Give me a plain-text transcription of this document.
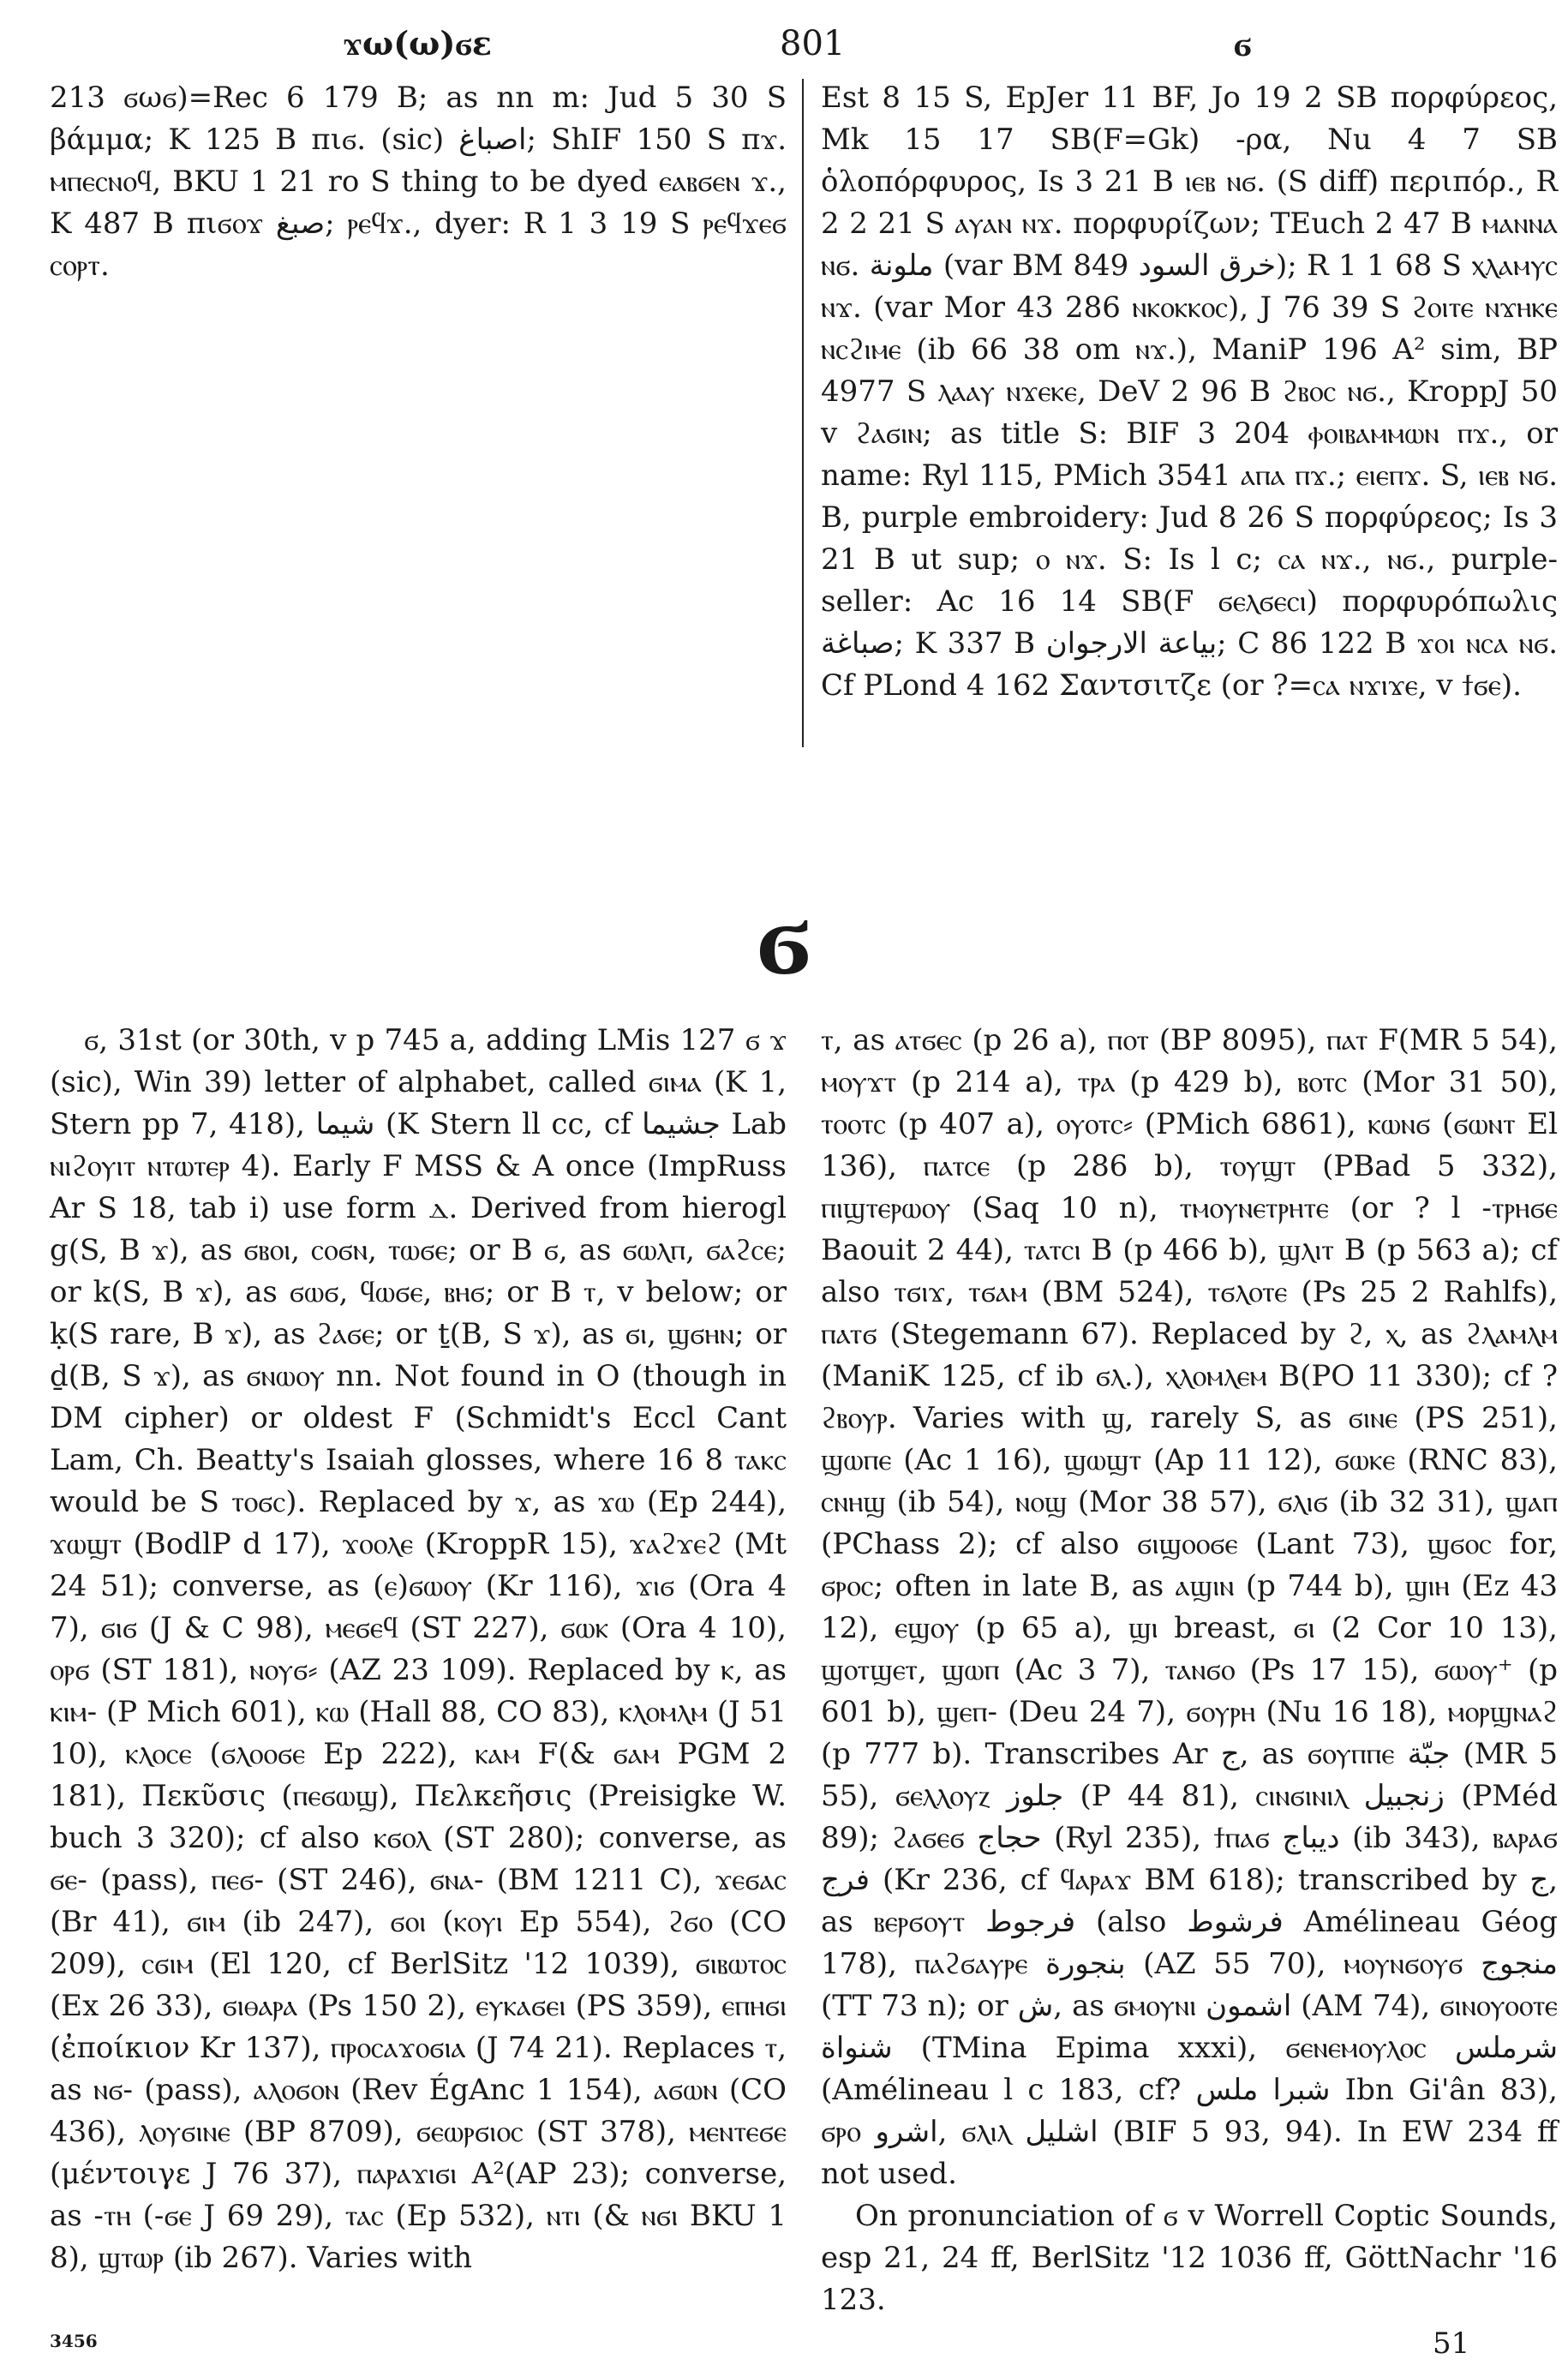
ϫω(ω)ϭε	801	ϭ

213 ϭωϭ)=Rec 6 179 B; as nn m: Jud 5 30 S βάμμα; K 125 B πιϭ. (sic) اصباغ; ShIF 150 S πϫ. ⲙⲡⲉⲥⲛⲟϥ, BKU 1 21 ro S thing to be dyed ⲉⲁⲃϭⲉⲛ ϫ., K 487 B πιϭⲟϫ صبغ; ⲣⲉϥϫ., dyer: R 1 3 19 S ⲣⲉϥϫⲉϭ ⲥⲟⲣⲧ.

Est 8 15 S, EpJer 11 BF, Jo 19 2 SB πορφύρεος, Mk 15 17 SB(F=Gk) -ρα, Nu 4 7 SB ὁλοπόρφυρος, Is 3 21 B ⲓⲉⲃ ⲛϭ. (S diff) περιπόρ., R 2 2 21 S ⲁⲩⲁⲛ ⲛϫ. πορφυρίζων; TEuch 2 47 B ⲙⲁⲛⲛⲁ ⲛϭ. ملونة (var BM 849 خرق السود); R 1 1 68 S ⲭⲗⲁⲙⲩⲥ ⲛϫ. (var Mor 43 286 ⲛⲕⲟⲕⲕⲟⲥ), J 76 39 S ϩⲟⲓⲧⲉ ⲛϫⲏⲕⲉ ⲛⲥϩⲓⲙⲉ (ib 66 38 om ⲛϫ.), ManiP 196 A² sim, BP 4977 S ⲗⲁⲁⲩ ⲛϫⲉⲕⲉ, DeV 2 96 B ϩⲃⲟⲥ ⲛϭ., KroppJ 50 v ϩⲁϭⲓⲛ; as title S: BIF 3 204 ⲫⲟⲓⲃⲁⲙⲙⲱⲛ ⲡϫ., or name: Ryl 115, PMich 3541 ⲁⲡⲁ ⲡϫ.; ⲉⲓⲉⲡϫ. S, ⲓⲉⲃ ⲛϭ. B, purple embroidery: Jud 8 26 S πορφύρεος; Is 3 21 B ut sup; ⲟ ⲛϫ. S: Is l c; ⲥⲁ ⲛϫ., ⲛϭ., purple-seller: Ac 16 14 SB(F ϭⲉⲗϭⲉⲥⲓ) πορφυρόπωλις صباغة; K 337 B بياعة الارجوان; C 86 122 B ϫⲟⲓ ⲛⲥⲁ ⲛϭ. Cf PLond 4 162 Σαντσιτζε (or ?=ⲥⲁ ⲛϫⲓϫⲉ, v ϯϭⲉ).

ϭ

ϭ, 31st (or 30th, v p 745 a, adding LMis 127 ϭ ϫ (sic), Win 39) letter of alphabet, called ϭⲓⲙⲁ (K 1, Stern pp 7, 418), شيما (K Stern ll cc, cf جشيما Lab ⲛⲓϩⲟⲩⲓⲧ ⲛⲧⲱⲧⲉⲣ 4). Early F MSS & A once (ImpRuss Ar S 18, tab i) use form ⲇ. Derived from hierogl g(S, B ϫ), as ϭⲃⲟⲓ, ⲥⲟϭⲛ, ⲧⲱϭⲉ; or B ϭ, as ϭⲱⲗⲡ, ϭⲁϩⲥⲉ; or k(S, B ϫ), as ϭⲱϭ, ϥⲱϭⲉ, ⲃⲏϭ; or B ⲧ, v below; or ḳ(S rare, B ϫ), as ϩⲁϭⲉ; or ṯ(B, S ϫ), as ϭⲓ, ϣϭⲏⲛ; or ḏ(B, S ϫ), as ϭⲛⲱⲟⲩ nn. Not found in O (though in DM cipher) or oldest F (Schmidt's Eccl Cant Lam, Ch. Beatty's Isaiah glosses, where 16 8 ⲧⲁⲕⲥ would be S ⲧⲟϭⲥ). Replaced by ϫ, as ϫⲱ (Ep 244), ϫⲱϣⲧ (BodlP d 17), ϫⲟⲟⲗⲉ (KroppR 15), ϫⲁϩϫⲉϩ (Mt 24 51); converse, as (ⲉ)ϭⲱⲟⲩ (Kr 116), ϫⲓϭ (Ora 4 7), ϭⲓϭ (J & C 98), ⲙⲉϭⲉϥ (ST 227), ϭⲱⲕ (Ora 4 10), ⲟⲣϭ (ST 181), ⲛⲟⲩϭ⸗ (AZ 23 109). Replaced by ⲕ, as ⲕⲓⲙ- (P Mich 601), ⲕⲱ (Hall 88, CO 83), ⲕⲗⲟⲙⲗⲙ (J 51 10), ⲕⲗⲟⲥⲉ (ϭⲗⲟⲟϭⲉ Ep 222), ⲕⲁⲙ F(& ϭⲁⲙ PGM 2 181), Πεκῦσις (ⲡⲉϭⲱϣ), Πελκεῆσις (Preisigke W. buch 3 320); cf also ⲕϭⲟⲗ (ST 280); converse, as ϭⲉ- (pass), ⲡⲉϭ- (ST 246), ϭⲛⲁ- (BM 1211 C), ϫⲉϭⲁⲥ (Br 41), ϭⲓⲙ (ib 247), ϭⲟⲓ (ⲕⲟⲩⲓ Ep 554), ϩϭⲟ (CO 209), ⲥϭⲓⲙ (El 120, cf BerlSitz '12 1039), ϭⲓⲃⲱⲧⲟⲥ (Ex 26 33), ϭⲓⲑⲁⲣⲁ (Ps 150 2), ⲉⲩⲕⲁϭⲉⲓ (PS 359), ⲉⲡⲏϭⲓ (ἐποίκιον Kr 137), ⲡⲣⲟⲥⲁϫⲟϭⲓⲁ (J 74 21). Replaces ⲧ, as ⲛϭ- (pass), ⲁⲗⲟϭⲟⲛ (Rev ÉgAnc 1 154), ⲁϭⲱⲛ (CO 436), ⲗⲟⲩϭⲓⲛⲉ (BP 8709), ϭⲉⲱⲣϭⲓⲟⲥ (ST 378), ⲙⲉⲛⲧⲉϭⲉ (μέντοιγε J 76 37), ⲡⲁⲣⲁϫⲓϭⲓ A²(AP 23); converse, as -ⲧⲏ (-ϭⲉ J 69 29), ⲧⲁⲥ (Ep 532), ⲛⲧⲓ (& ⲛϭⲓ BKU 1 8), ϣⲧⲱⲣ (ib 267). Varies with

ⲧ, as ⲁⲧϭⲉⲥ (p 26 a), ⲡⲟⲧ (BP 8095), ⲡⲁⲧ F(MR 5 54), ⲙⲟⲩϫⲧ (p 214 a), ⲧⲣⲁ (p 429 b), ⲃⲟⲧⲥ (Mor 31 50), ⲧⲟⲟⲧⲥ (p 407 a), ⲟⲩⲟⲧⲥ⸗ (PMich 6861), ⲕⲱⲛϭ (ϭⲱⲛⲧ El 136), ⲡⲁⲧⲥⲉ (p 286 b), ⲧⲟⲩϣⲧ (PBad 5 332), ⲡⲓϣⲧⲉⲣⲱⲟⲩ (Saq 10 n), ⲧⲙⲟⲩⲛⲉⲧⲣⲏⲧⲉ (or ? l -ⲧⲣⲏϭⲉ Baouit 2 44), ⲧⲁⲧⲥⲓ B (p 466 b), ϣⲗⲓⲧ B (p 563 a); cf also ⲧϭⲓϫ, ⲧϭⲁⲙ (BM 524), ⲧϭⲗⲟⲧⲉ (Ps 25 2 Rahlfs), ⲡⲁⲧϭ (Stegemann 67). Replaced by ϩ, ⲭ, as ϩⲗⲁⲙⲗⲙ (ManiK 125, cf ib ϭⲗ.), ⲭⲗⲟⲙⲗⲉⲙ B(PO 11 330); cf ? ϩⲃⲟⲩⲣ. Varies with ϣ, rarely S, as ϭⲓⲛⲉ (PS 251), ϣⲱⲡⲉ (Ac 1 16), ϣⲱϣⲧ (Ap 11 12), ϭⲱⲕⲉ (RNC 83), ⲥⲛⲏϣ (ib 54), ⲛⲟϣ (Mor 38 57), ϭⲗⲓϭ (ib 32 31), ϣⲁⲡ (PChass 2); cf also ϭⲓϣⲟⲟϭⲉ (Lant 73), ϣϭⲟⲥ for, ϭⲣⲟⲥ; often in late B, as ⲁϣⲓⲛ (p 744 b), ϣⲓⲏ (Ez 43 12), ⲉϣⲟⲩ (p 65 a), ϣⲓ breast, ϭⲓ (2 Cor 10 13), ϣⲟⲧϣⲉⲧ, ϣⲱⲡ (Ac 3 7), ⲧⲁⲛϭⲟ (Ps 17 15), ϭⲱⲟⲩ⁺ (p 601 b), ϣⲉⲡ- (Deu 24 7), ϭⲟⲩⲣⲏ (Nu 16 18), ⲙⲟⲣϣⲛⲁϩ (p 777 b). Transcribes Ar ج, as ϭⲟⲩⲡⲡⲉ جبّة (MR 5 55), ϭⲉⲗⲗⲟⲩⲍ جلوز (P 44 81), ⲥⲓⲛϭⲓⲛⲓⲗ زنجبيل (PMéd 89); ϩⲁϭⲉϭ حجاج (Ryl 235), ϯⲡⲁϭ ديباج (ib 343), ⲃⲁⲣⲁϭ فرج (Kr 236, cf ϥⲁⲣⲁϫ BM 618); transcribed by ج, as ⲃⲉⲣϭⲟⲩⲧ فرجوط (also فرشوط Amélineau Géog 178), ⲡⲁϩϭⲁⲩⲣⲉ بنجورة (AZ 55 70), ⲙⲟⲩⲛϭⲟⲩϭ منجوج (TT 73 n); or ش, as ϭⲙⲟⲩⲛⲓ اشمون (AM 74), ϭⲓⲛⲟⲩⲟⲟⲧⲉ شنواة (TMina Epima xxxi), ϭⲉⲛⲉⲙⲟⲩⲗⲟⲥ شرملس (Amélineau l c 183, cf? شبرا ملس Ibn Gi'ân 83), ϭⲣⲟ اشرو, ϭⲗⲓⲗ اشليل (BIF 5 93, 94). In EW 234 ff not used.

On pronunciation of ϭ v Worrell Coptic Sounds, esp 21, 24 ff, BerlSitz '12 1036 ff, GöttNachr '16 123.

3456	51
